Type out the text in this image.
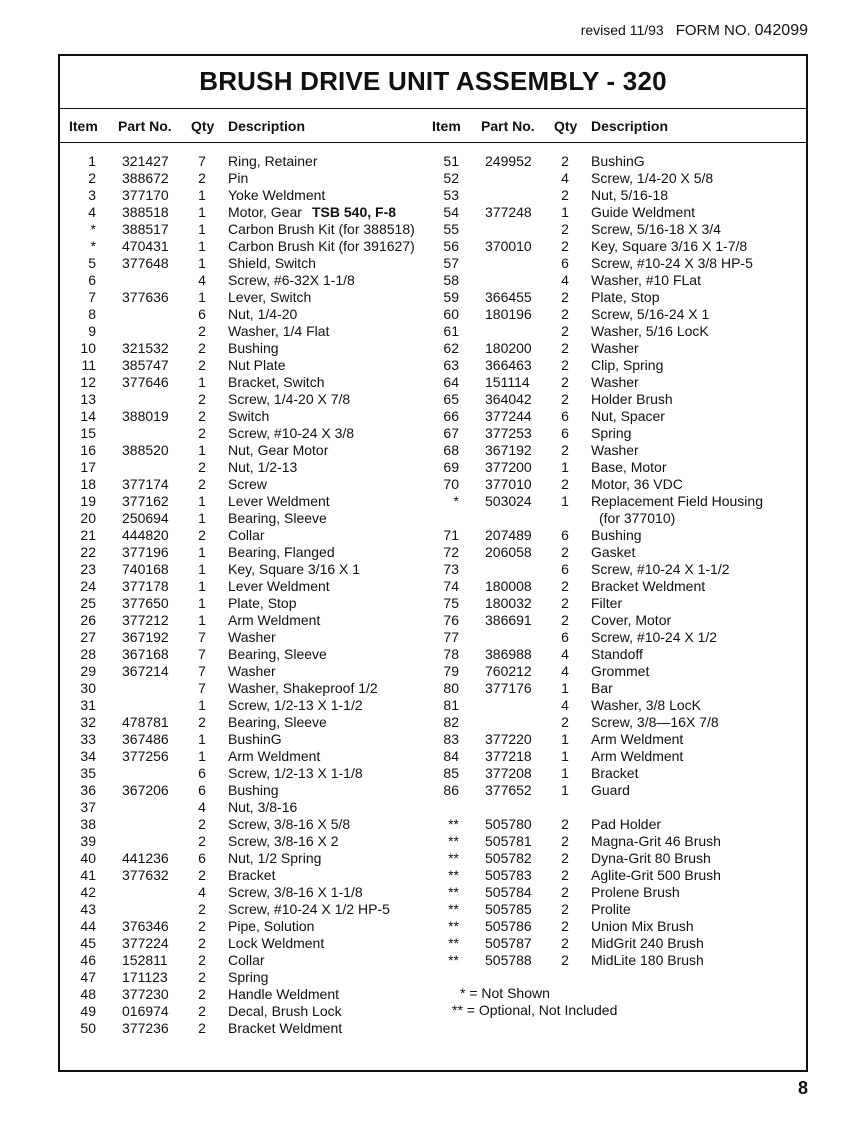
revised 11/93 FORM NO. 042099
BRUSH DRIVE UNIT ASSEMBLY - 320
Item Part No. Qty Description	Item Part No. Qty Description
1 321427 7 Ring, Retainer
2 388672 2 Pin
3 377170 1 Yoke Weldment
4 388518 1 Motor, Gear TSB 540, F-8
* 388517 1 Carbon Brush Kit (for 388518)
* 470431 1 Carbon Brush Kit (for 391627)
5 377648 1 Shield, Switch
6	4 Screw, #6-32X 1-1/8
7 377636 1 Lever, Switch
8	6 Nut, 1/4-20
9	2 Washer, 1/4 Flat
10 321532 2 Bushing
11 385747 2 Nut Plate
12 377646 1 Bracket, Switch
13	2 Screw, 1/4-20 X 7/8
14 388019 2 Switch
15	2 Screw, #10-24 X 3/8
16 388520 1 Nut, Gear Motor
17	2 Nut, 1/2-13
18 377174 2 Screw
19 377162 1 Lever Weldment
20 250694 1 Bearing, Sleeve
21 444820 2 Collar
22 377196 1 Bearing, Flanged
23 740168 1 Key, Square 3/16 X 1
24 377178 1 Lever Weldment
25 377650 1 Plate, Stop
26 377212 1 Arm Weldment
27 367192 7 Washer
28 367168 7 Bearing, Sleeve
29 367214 7 Washer
30	7 Washer, Shakeproof 1/2
31	1 Screw, 1/2-13 X 1-1/2
32 478781 2 Bearing, Sleeve
33 367486 1 BushinG
34 377256 1 Arm Weldment
35	6 Screw, 1/2-13 X 1-1/8
36 367206 6 Bushing
37	4 Nut, 3/8-16
38	2 Screw, 3/8-16 X 5/8
39	2 Screw, 3/8-16 X 2
40 441236 6 Nut, 1/2 Spring
41 377632 2 Bracket
42	4 Screw, 3/8-16 X 1-1/8
43	2 Screw, #10-24 X 1/2 HP-5
44 376346 2 Pipe, Solution
45 377224 2 Lock Weldment
46 152811 2 Collar
47 171123 2 Spring
48 377230 2 Handle Weldment
49 016974 2 Decal, Brush Lock
50 377236 2 Bracket Weldment
51 249952 2 BushinG
52	4 Screw, 1/4-20 X 5/8
53	2 Nut, 5/16-18
54 377248 1 Guide Weldment
55	2 Screw, 5/16-18 X 3/4
56 370010 2 Key, Square 3/16 X 1-7/8
57	6 Screw, #10-24 X 3/8 HP-5
58	4 Washer, #10 FLat
59 366455 2 Plate, Stop
60 180196 2 Screw, 5/16-24 X 1
61	2 Washer, 5/16 LocK
62 180200 2 Washer
63 366463 2 Clip, Spring
64 151114 2 Washer
65 364042 2 Holder Brush
66 377244 6 Nut, Spacer
67 377253 6 Spring
68 367192 2 Washer
69 377200 1 Base, Motor
70 377010 2 Motor, 36 VDC
* 503024 1 Replacement Field Housing
(for 377010)
71 207489 6 Bushing
72 206058 2 Gasket
73	6 Screw, #10-24 X 1-1/2
74 180008 2 Bracket Weldment
75 180032 2 Filter
76 386691 2 Cover, Motor
77	6 Screw, #10-24 X 1/2
78 386988 4 Standoff
79 760212 4 Grommet
80 377176 1 Bar
81	4 Washer, 3/8 LocK
82	2 Screw, 3/8—16X 7/8
83 377220 1 Arm Weldment
84 377218 1 Arm Weldment
85 377208 1 Bracket
86 377652 1 Guard
** 505780 2 Pad Holder
** 505781 2 Magna-Grit 46 Brush
** 505782 2 Dyna-Grit 80 Brush
** 505783 2 Aglite-Grit 500 Brush
** 505784 2 Prolene Brush
** 505785 2 Prolite
** 505786 2 Union Mix Brush
** 505787 2 MidGrit 240 Brush
** 505788 2 MidLite 180 Brush
* = Not Shown
** = Optional, Not Included
8
